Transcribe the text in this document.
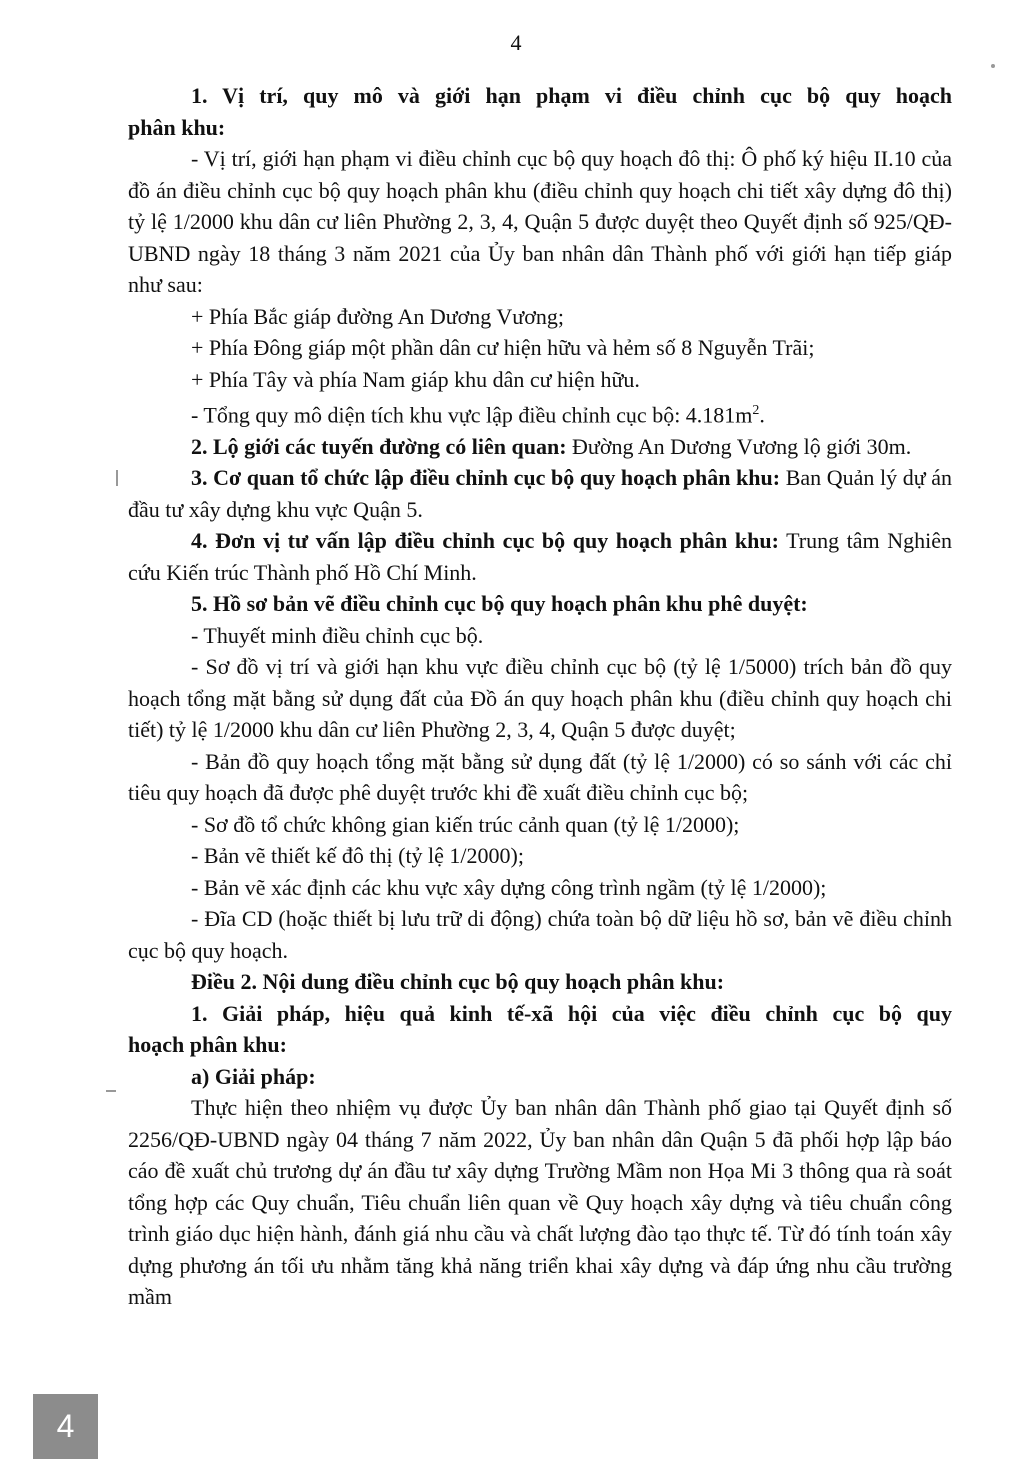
4

1. Vị trí, quy mô và giới hạn phạm vi điều chỉnh cục bộ quy hoạch

phân khu:

- Vị trí, giới hạn phạm vi điều chỉnh cục bộ quy hoạch đô thị: Ô phố ký hiệu II.10 của đồ án điều chỉnh cục bộ quy hoạch phân khu (điều chỉnh quy hoạch chi tiết xây dựng đô thị) tỷ lệ 1/2000 khu dân cư liên Phường 2, 3, 4, Quận 5 được duyệt theo Quyết định số 925/QĐ-UBND ngày 18 tháng 3 năm 2021 của Ủy ban nhân dân Thành phố với giới hạn tiếp giáp như sau:

+ Phía Bắc giáp đường An Dương Vương;

+ Phía Đông giáp một phần dân cư hiện hữu và hẻm số 8 Nguyễn Trãi;

+ Phía Tây và phía Nam giáp khu dân cư hiện hữu.

- Tổng quy mô diện tích khu vực lập điều chỉnh cục bộ: $4.181m^2$.

2. Lộ giới các tuyến đường có liên quan: Đường An Dương Vương lộ giới 30m.

3. Cơ quan tổ chức lập điều chỉnh cục bộ quy hoạch phân khu: Ban Quản lý dự án đầu tư xây dựng khu vực Quận 5.

4. Đơn vị tư vấn lập điều chỉnh cục bộ quy hoạch phân khu: Trung tâm Nghiên cứu Kiến trúc Thành phố Hồ Chí Minh.

5. Hồ sơ bản vẽ điều chỉnh cục bộ quy hoạch phân khu phê duyệt:

- Thuyết minh điều chỉnh cục bộ.

- Sơ đồ vị trí và giới hạn khu vực điều chỉnh cục bộ (tỷ lệ 1/5000) trích bản đồ quy hoạch tổng mặt bằng sử dụng đất của Đồ án quy hoạch phân khu (điều chỉnh quy hoạch chi tiết) tỷ lệ 1/2000 khu dân cư liên Phường 2, 3, 4, Quận 5 được duyệt;

- Bản đồ quy hoạch tổng mặt bằng sử dụng đất (tỷ lệ 1/2000) có so sánh với các chỉ tiêu quy hoạch đã được phê duyệt trước khi đề xuất điều chỉnh cục bộ;

- Sơ đồ tổ chức không gian kiến trúc cảnh quan (tỷ lệ 1/2000);

- Bản vẽ thiết kế đô thị (tỷ lệ 1/2000);

- Bản vẽ xác định các khu vực xây dựng công trình ngầm (tỷ lệ 1/2000);

- Đĩa CD (hoặc thiết bị lưu trữ di động) chứa toàn bộ dữ liệu hồ sơ, bản vẽ điều chỉnh cục bộ quy hoạch.

Điều 2. Nội dung điều chỉnh cục bộ quy hoạch phân khu:

1. Giải pháp, hiệu quả kinh tế-xã hội của việc điều chỉnh cục bộ quy

hoạch phân khu:

a) Giải pháp:

Thực hiện theo nhiệm vụ được Ủy ban nhân dân Thành phố giao tại Quyết định số 2256/QĐ-UBND ngày 04 tháng 7 năm 2022, Ủy ban nhân dân Quận 5 đã phối hợp lập báo cáo đề xuất chủ trương dự án đầu tư xây dựng Trường Mầm non Họa Mi 3 thông qua rà soát tổng hợp các Quy chuẩn, Tiêu chuẩn liên quan về Quy hoạch xây dựng và tiêu chuẩn công trình giáo dục hiện hành, đánh giá nhu cầu và chất lượng đào tạo thực tế. Từ đó tính toán xây dựng phương án tối ưu nhằm tăng khả năng triển khai xây dựng và đáp ứng nhu cầu trường mầm

4
